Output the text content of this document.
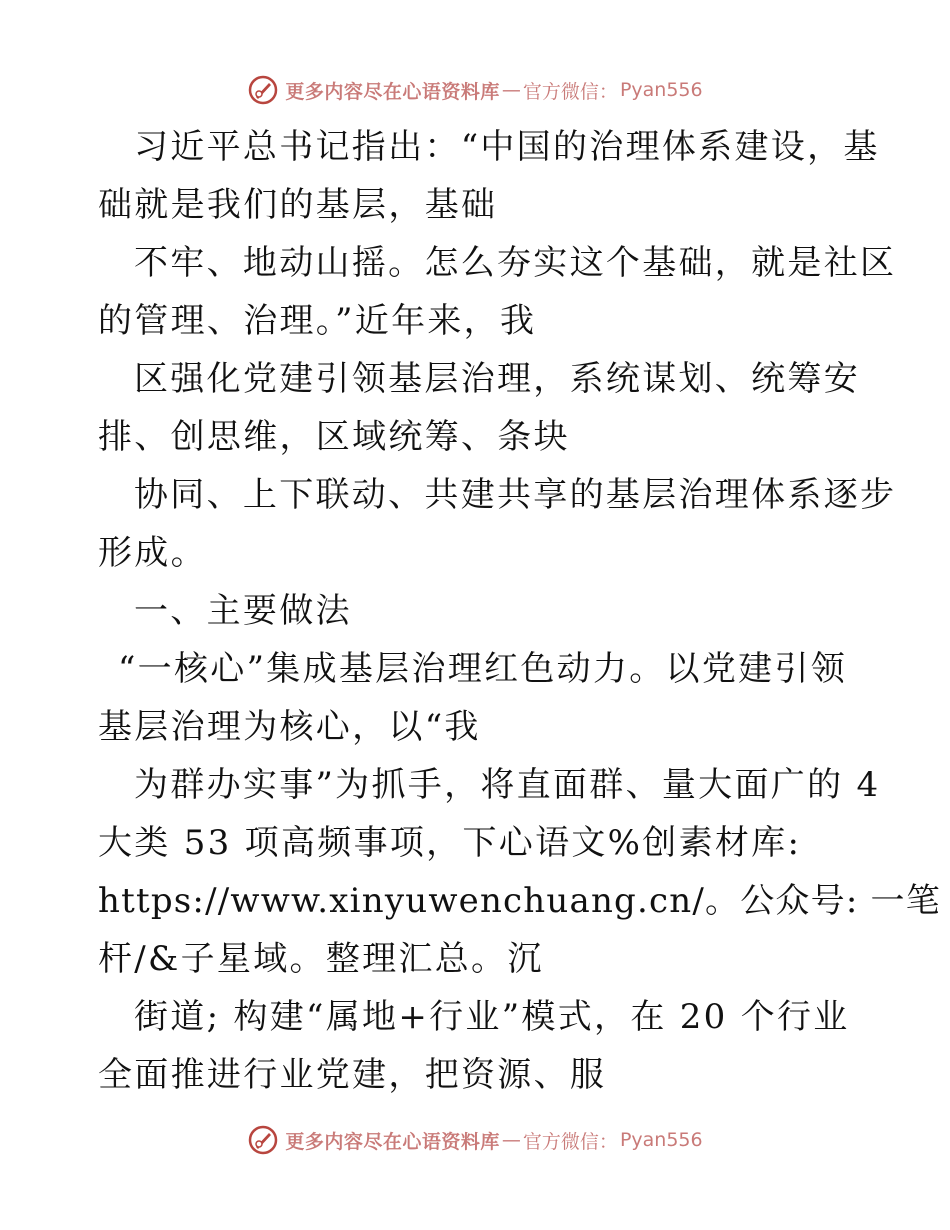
更多内容尽在心语资料库 — 官方微信： Pyan556
习近平总书记指出：“中国的治理体系建设，基
础就是我们的基层，基础
不牢、地动山摇。怎么夯实这个基础，就是社区
的管理、治理。”近年来，我
区强化党建引领基层治理，系统谋划、统筹安
排、创思维，区域统筹、条块
协同、上下联动、共建共享的基层治理体系逐步
形成。
一、主要做法
“一核心”集成基层治理红色动力。以党建引领
基层治理为核心，以“我
为群办实事”为抓手，将直面群、量大面广的 4
大类 53 项高频事项，下心语文%创素材库:
https://www.xinyuwenchuang.cn/。公众号: 一笔
杆/&子星域。整理汇总。沉
街道; 构建“属地+行业”模式，在 20 个行业
全面推进行业党建，把资源、服
更多内容尽在心语资料库 — 官方微信： Pyan556
